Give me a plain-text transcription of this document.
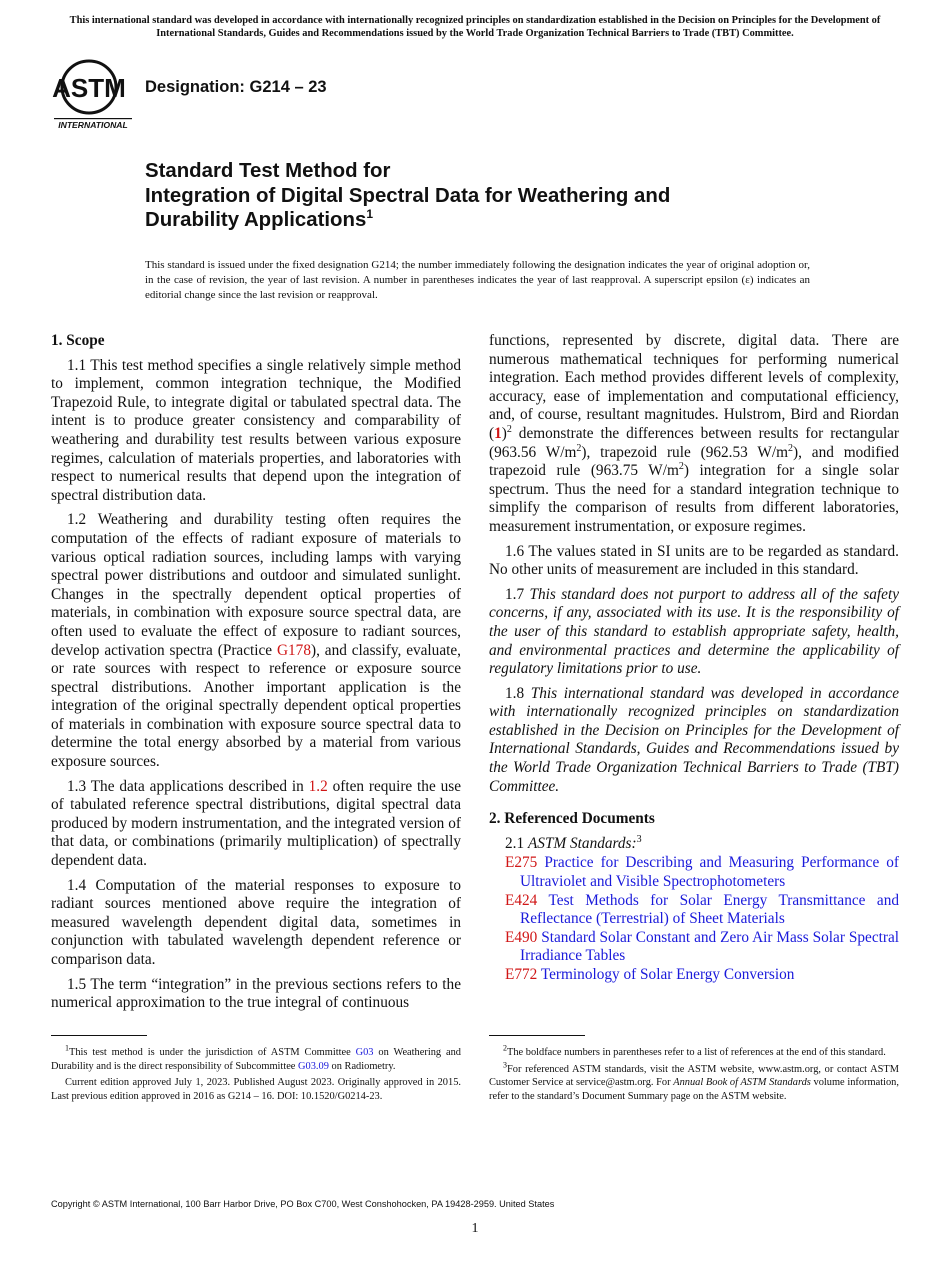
This international standard was developed in accordance with internationally recognized principles on standardization established in the Decision on Principles for the Development of International Standards, Guides and Recommendations issued by the World Trade Organization Technical Barriers to Trade (TBT) Committee.
ASTM
INTERNATIONAL
Designation: G214 – 23
Standard Test Method for
Integration of Digital Spectral Data for Weathering and
Durability Applications$^1$
This standard is issued under the fixed designation G214; the number immediately following the designation indicates the year of original adoption or, in the case of revision, the year of last revision. A number in parentheses indicates the year of last reapproval. A superscript epsilon (ε) indicates an editorial change since the last revision or reapproval.
1. Scope

1.1 This test method specifies a single relatively simple method to implement, common integration technique, the Modified Trapezoid Rule, to integrate digital or tabulated spectral data. The intent is to produce greater consistency and comparability of weathering and durability test results between various exposure regimes, calculation of materials properties, and laboratories with respect to numerical results that depend upon the integration of spectral distribution data.

1.2 Weathering and durability testing often requires the computation of the effects of radiant exposure of materials to various optical radiation sources, including lamps with varying spectral power distributions and outdoor and simulated sunlight. Changes in the spectrally dependent optical properties of materials, in combination with exposure source spectral data, are often used to evaluate the effect of exposure to radiant sources, develop activation spectra (Practice G178), and classify, evaluate, or rate sources with respect to reference or exposure source spectral distributions. Another important application is the integration of the original spectrally dependent optical properties of materials in combination with exposure source spectral data to determine the total energy absorbed by a material from various exposure sources.

1.3 The data applications described in 1.2 often require the use of tabulated reference spectral distributions, digital spectral data produced by modern instrumentation, and the integrated version of that data, or combinations (primarily multiplication) of spectrally dependent data.

1.4 Computation of the material responses to exposure to radiant sources mentioned above require the integration of measured wavelength dependent digital data, sometimes in conjunction with tabulated wavelength dependent reference or comparison data.

1.5 The term “integration” in the previous sections refers to the numerical approximation to the true integral of continuous

functions, represented by discrete, digital data. There are numerous mathematical techniques for performing numerical integration. Each method provides different levels of complexity, accuracy, ease of implementation and computational efficiency, and, of course, resultant magnitudes. Hulstrom, Bird and Riordan $(1)^2$ demonstrate the differences between results for rectangular (963.56 $W/m^2$), trapezoid rule (962.53 $W/m^2$), and modified trapezoid rule (963.75 $W/m^2$) integration for a single solar spectrum. Thus the need for a standard integration technique to simplify the comparison of results from different laboratories, measurement instrumentation, or exposure regimes.

1.6 The values stated in SI units are to be regarded as standard. No other units of measurement are included in this standard.

1.7 This standard does not purport to address all of the safety concerns, if any, associated with its use. It is the responsibility of the user of this standard to establish appropriate safety, health, and environmental practices and determine the applicability of regulatory limitations prior to use.

1.8 This international standard was developed in accordance with internationally recognized principles on standardization established in the Decision on Principles for the Development of International Standards, Guides and Recommendations issued by the World Trade Organization Technical Barriers to Trade (TBT) Committee.

2. Referenced Documents
2.1 ASTM Standards:$^3$

E275 Practice for Describing and Measuring Performance of Ultraviolet and Visible Spectrophotometers

E424 Test Methods for Solar Energy Transmittance and Reflectance (Terrestrial) of Sheet Materials

E490 Standard Solar Constant and Zero Air Mass Solar Spectral Irradiance Tables

E772 Terminology of Solar Energy Conversion

$^1$This test method is under the jurisdiction of ASTM Committee G03 on Weathering and Durability and is the direct responsibility of Subcommittee G03.09 on Radiometry.

Current edition approved July 1, 2023. Published August 2023. Originally approved in 2015. Last previous edition approved in 2016 as G214 – 16. DOI: 10.1520/G0214-23.

$^2$The boldface numbers in parentheses refer to a list of references at the end of this standard.

$^3$For referenced ASTM standards, visit the ASTM website, www.astm.org, or contact ASTM Customer Service at service@astm.org. For Annual Book of ASTM Standards volume information, refer to the standard’s Document Summary page on the ASTM website.

Copyright © ASTM International, 100 Barr Harbor Drive, PO Box C700, West Conshohocken, PA 19428-2959. United States
1
